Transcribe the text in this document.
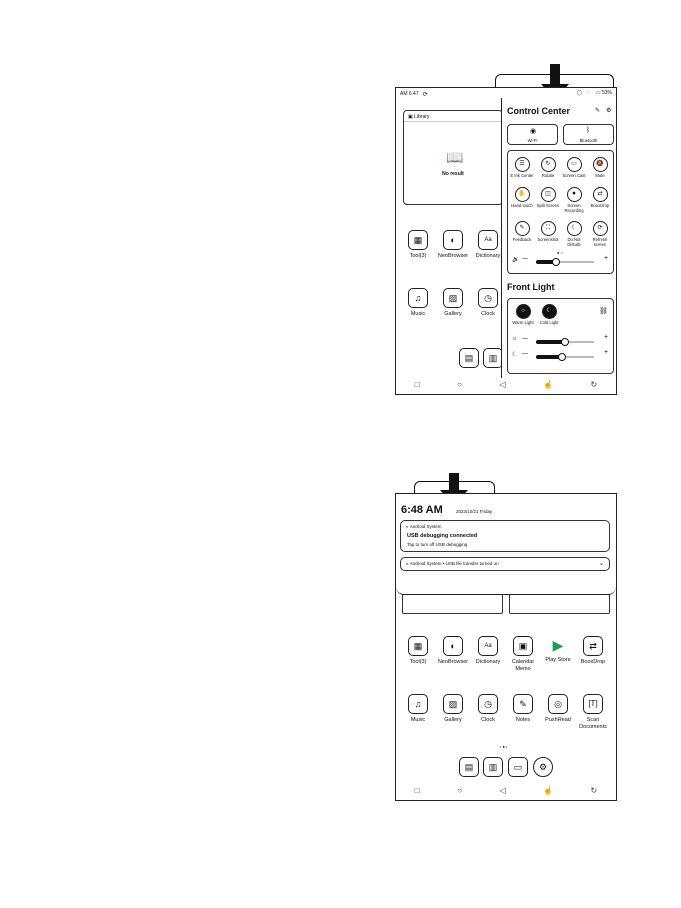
AM 6:47 ⟳
▣ Library
📖
No result
▦
Tool(3)
◐
NeoBrowser
Aa
Dictionary
♫
Music
▨
Gallery
◷
Clock
▤	▥
Control Center	✎ ⚙
◉
Wi-Fi
ᛒ
Bluetooth
☰
E Ink Center
↻
Rotate
▭
Screen Cast
🔕
Mute
✋
Hand touch
◫
Split Screen
⏺
Screen Recording
⇄
BooxDrop
✎
Feedback
⛶
Screenshot
☾
Do Not Disturb
⟳
Refresh screen
● ○
🔈 —	+
Front Light
○
Warm Light
☾
Cold Light
⛓
☼ —	+
☾ —	+
◯ ◌ ▭ 53%
□	○	◁	☝	↻
6:48 AM	2023/10/21 Friday
◐ Android System
USB debugging connected
Tap to turn off USB debugging
◐ Android System • USB file transfer turned on	⌄
▦
Tool(3)
◐
NeoBrowser
Aa
Dictionary
▣
Calendar Memo
▶
Play Store
⇄
BooxDrop
♫
Music
▨
Gallery
◷
Clock
✎
Notes
◎
PushRead
[T]
Scan Documents
• ● •
▤	▥	▭	⚙
□	○	◁	☝	↻
